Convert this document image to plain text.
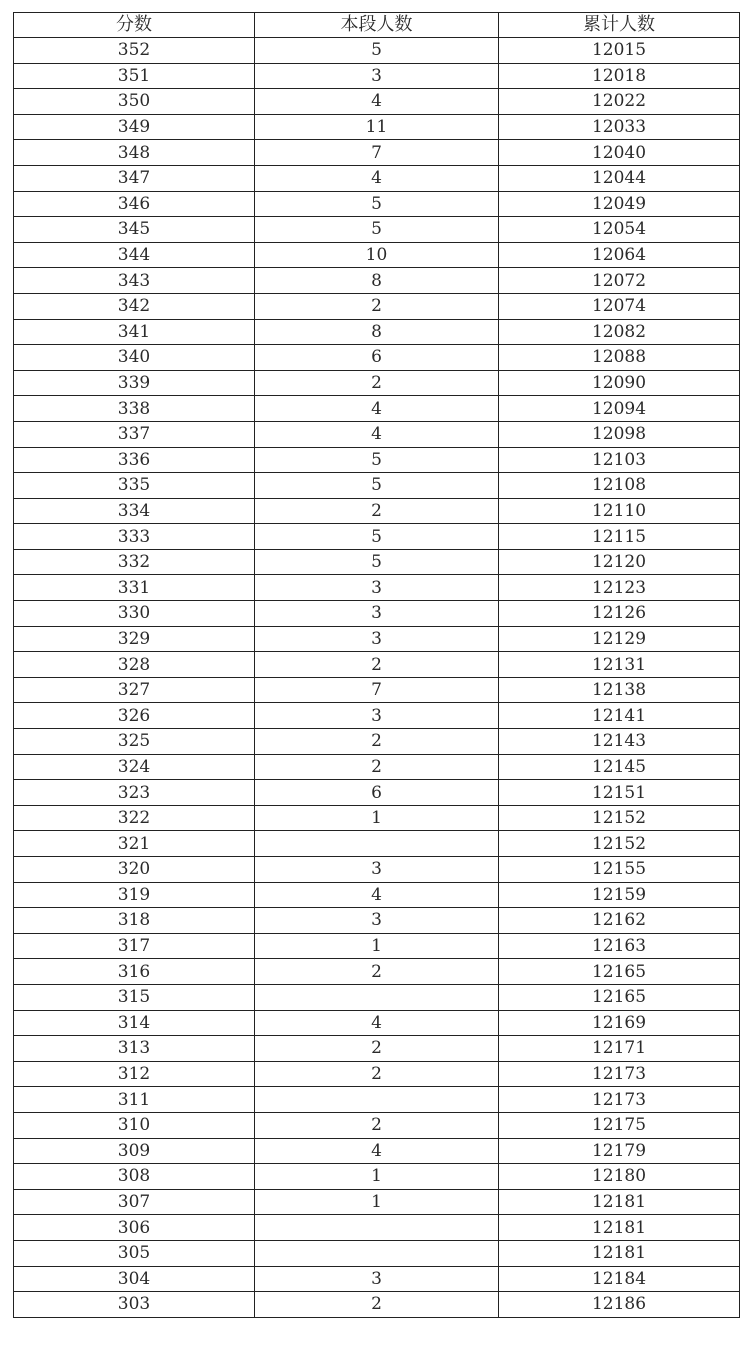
分数	本段人数	累计人数
352	5	12015
351	3	12018
350	4	12022
349	11	12033
348	7	12040
347	4	12044
346	5	12049
345	5	12054
344	10	12064
343	8	12072
342	2	12074
341	8	12082
340	6	12088
339	2	12090
338	4	12094
337	4	12098
336	5	12103
335	5	12108
334	2	12110
333	5	12115
332	5	12120
331	3	12123
330	3	12126
329	3	12129
328	2	12131
327	7	12138
326	3	12141
325	2	12143
324	2	12145
323	6	12151
322	1	12152
321		12152
320	3	12155
319	4	12159
318	3	12162
317	1	12163
316	2	12165
315		12165
314	4	12169
313	2	12171
312	2	12173
311		12173
310	2	12175
309	4	12179
308	1	12180
307	1	12181
306		12181
305		12181
304	3	12184
303	2	12186
